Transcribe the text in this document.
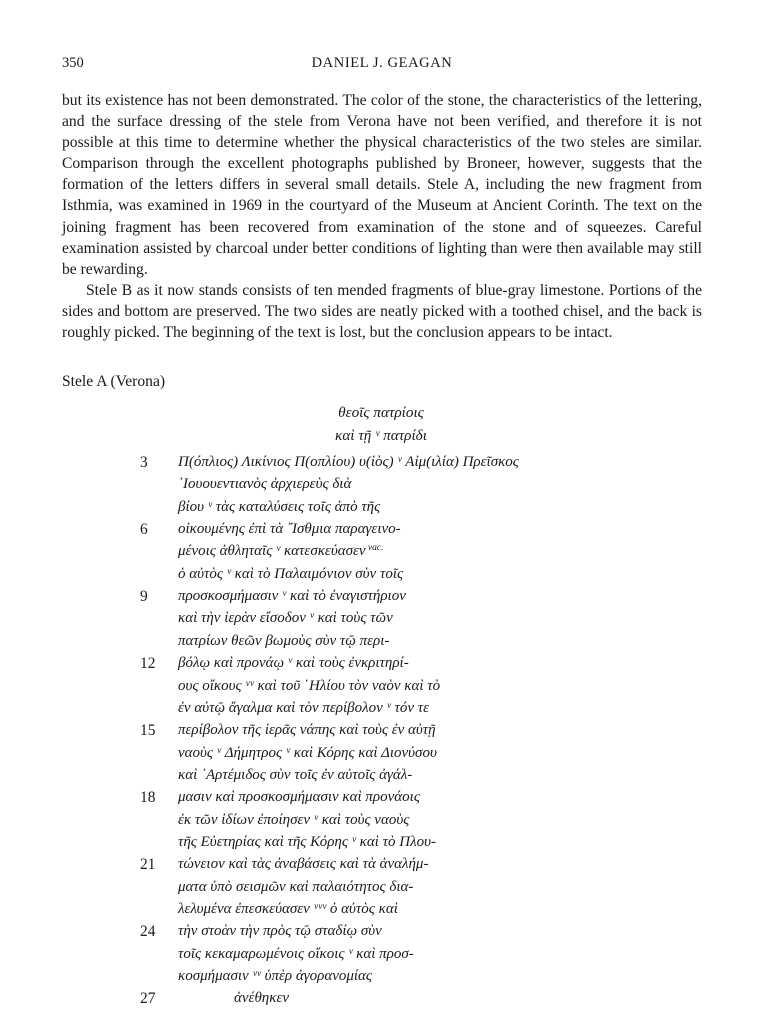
350	DANIEL J. GEAGAN

but its existence has not been demonstrated. The color of the stone, the characteristics of the lettering, and the surface dressing of the stele from Verona have not been verified, and therefore it is not possible at this time to determine whether the physical characteristics of the two steles are similar. Comparison through the excellent photographs published by Broneer, however, suggests that the formation of the letters differs in several small details. Stele A, including the new fragment from Isthmia, was examined in 1969 in the courtyard of the Museum at Ancient Corinth. The text on the joining fragment has been recovered from examination of the stone and of squeezes. Careful examination assisted by charcoal under better conditions of lighting than were then available may still be rewarding.

Stele B as it now stands consists of ten mended fragments of blue-gray limestone. Portions of the sides and bottom are preserved. The two sides are neatly picked with a toothed chisel, and the back is roughly picked. The beginning of the text is lost, but the conclusion appears to be intact.

Stele A (Verona)
θεοῖς πατρίοις
καὶ τῇ ᵛ πατρίδι
3	Π(όπλιος) Λικίνιος Π(οπλίου) υ(ἱὸς) ᵛ Αἰμ(ιλία) Πρεῖσκος
᾿Ιουουεντιανὸς ἀρχιερεὺς διὰ
βίου ᵛ τὰς καταλύσεις τοῖς ἀπὸ τῆς
6	οἰκουμένης ἐπὶ τὰ ῎Ισθμια παραγεινο-
μένοις ἀθληταῖς ᵛ κατεσκεύασεν $^{vac.}$
ὁ αὐτὸς ᵛ καὶ τὸ Παλαιμόνιον σὺν τοῖς
9	προσκοσμήμασιν ᵛ καὶ τὸ ἐναγιστήριον
καὶ τὴν ἱερὰν εἴσοδον ᵛ καὶ τοὺς τῶν
πατρίων θεῶν βωμοὺς σὺν τῷ περι-
12	βόλῳ καὶ προνάῳ ᵛ καὶ τοὺς ἐνκριτηρί-
ους οἴκους ᵛᵛ καὶ τοῦ ῾Ηλίου τὸν ναὸν καὶ τὸ
ἐν αὐτῷ ἄγαλμα καὶ τὸν περίβολον ᵛ τόν τε
15	περίβολον τῆς ἱερᾶς νάπης καὶ τοὺς ἐν αὐτῇ
ναοὺς ᵛ Δήμητρος ᵛ καὶ Κόρης καὶ Διονύσου
καὶ ᾿Αρτέμιδος σὺν τοῖς ἐν αὐτοῖς ἀγάλ-
18	μασιν καὶ προσκοσμήμασιν καὶ προνάοις
ἐκ τῶν ἰδίων ἐποίησεν ᵛ καὶ τοὺς ναοὺς
τῆς Εὐετηρίας καὶ τῆς Κόρης ᵛ καὶ τὸ Πλου-
21	τώνειον καὶ τὰς ἀναβάσεις καὶ τὰ ἀναλήμ-
ματα ὑπὸ σεισμῶν καὶ παλαιότητος δια-
λελυμένα ἐπεσκεύασεν ᵛᵛᵛ ὁ αὐτὸς καὶ
24	τὴν στοὰν τὴν πρὸς τῷ σταδίῳ σὺν
τοῖς κεκαμαρωμένοις οἴκοις ᵛ καὶ προσ-
κοσμήμασιν ᵛᵛ ὑπὲρ ἀγορανομίας
27	ἀνέθηκεν
